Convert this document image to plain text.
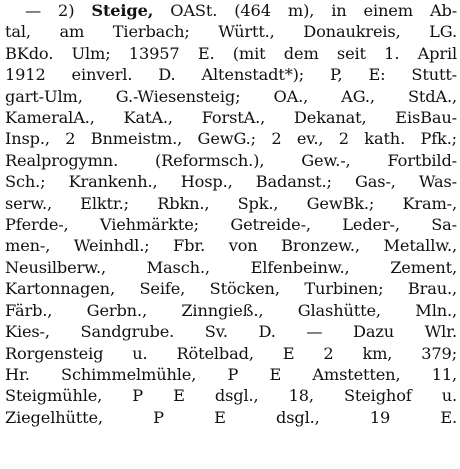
— 2) Steige, OASt. (464 m), in einem Ab-
tal, am Tierbach; Württ., Donaukreis, LG.
BKdo. Ulm; 13957 E. (mit dem seit 1. April
1912 einverl. D. Altenstadt*); P, E: Stutt-
gart-Ulm, G.-Wiesensteig; OA., AG., StdA.,
KameralA., KatA., ForstA., Dekanat, EisBau-
Insp., 2 Bnmeistm., GewG.; 2 ev., 2 kath. Pfk.;
Realprogymn. (Reformsch.), Gew.-, Fortbild-
Sch.; Krankenh., Hosp., Badanst.; Gas-, Was-
serw., Elktr.; Rbkn., Spk., GewBk.; Kram-,
Pferde-, Viehmärkte; Getreide-, Leder-, Sa-
men-, Weinhdl.; Fbr. von Bronzew., Metallw.,
Neusilberw., Masch., Elfenbeinw., Zement,
Kartonnagen, Seife, Stöcken, Turbinen; Brau.,
Färb., Gerbn., Zinngieß., Glashütte, Mln.,
Kies-, Sandgrube. Sv. D. — Dazu Wlr.
Rorgensteig u. Rötelbad, E 2 km, 379;
Hr. Schimmelmühle, P E Amstetten, 11,
Steigmühle, P E dsgl., 18, Steighof u.
Ziegelhütte, P E dsgl., 19 E.
